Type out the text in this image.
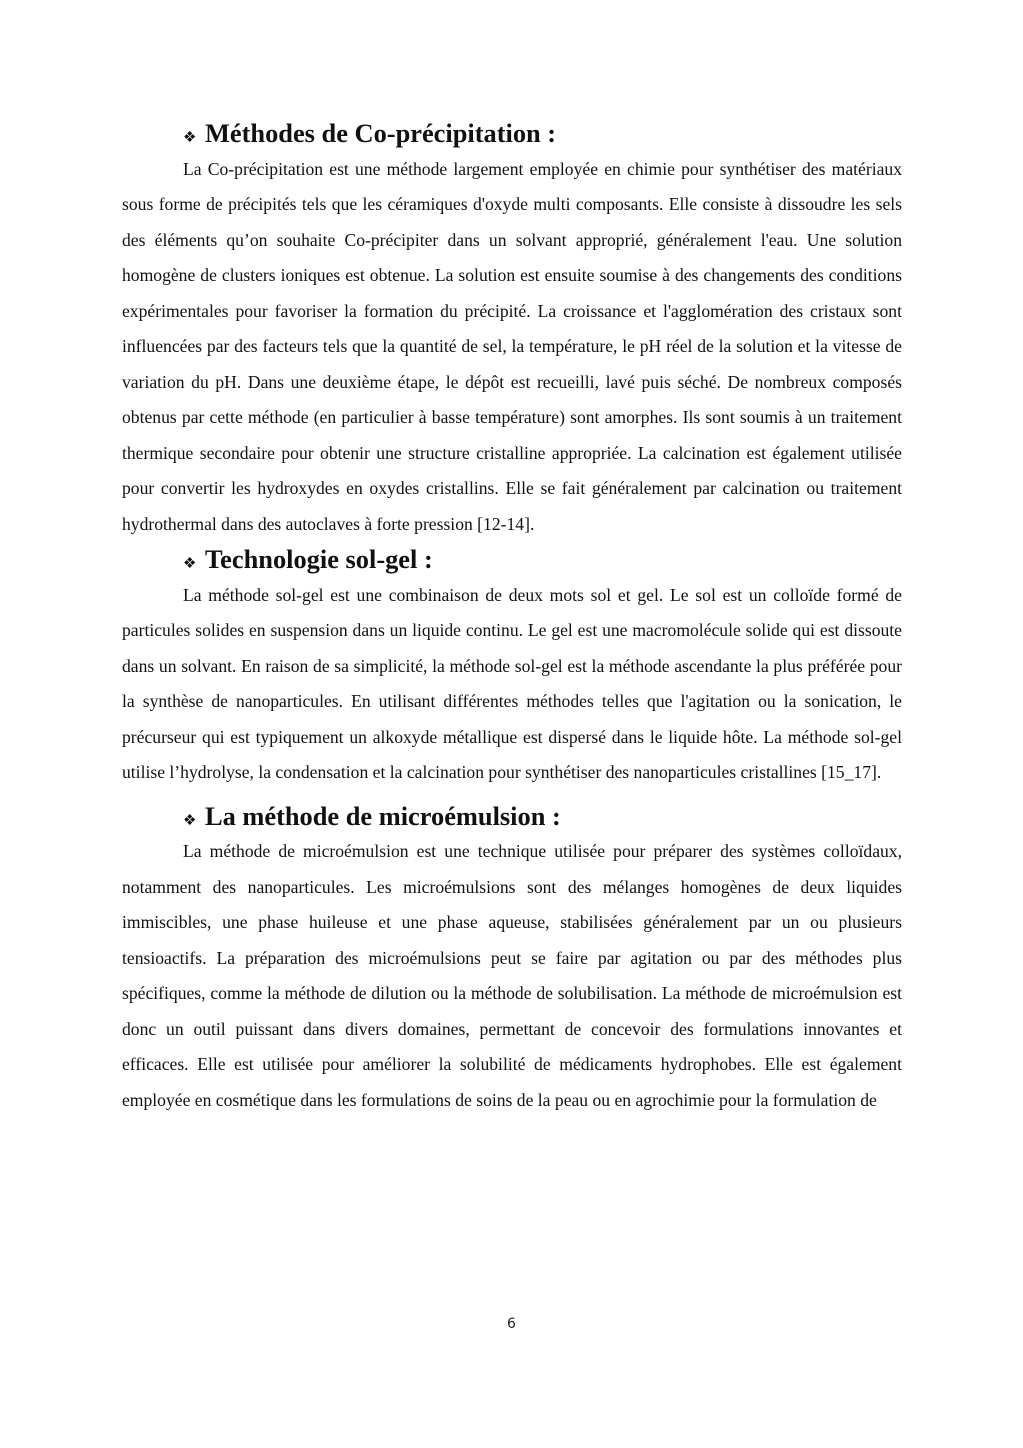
❖ Méthodes de Co-précipitation :

La Co-précipitation est une méthode largement employée en chimie pour synthétiser des matériaux sous forme de précipités tels que les céramiques d'oxyde multi composants. Elle consiste à dissoudre les sels des éléments qu’on souhaite Co-précipiter dans un solvant approprié, généralement l'eau. Une solution homogène de clusters ioniques est obtenue. La solution est ensuite soumise à des changements des conditions expérimentales pour favoriser la formation du précipité. La croissance et l'agglomération des cristaux sont influencées par des facteurs tels que la quantité de sel, la température, le pH réel de la solution et la vitesse de variation du pH. Dans une deuxième étape, le dépôt est recueilli, lavé puis séché. De nombreux composés obtenus par cette méthode (en particulier à basse température) sont amorphes. Ils sont soumis à un traitement thermique secondaire pour obtenir une structure cristalline appropriée. La calcination est également utilisée pour convertir les hydroxydes en oxydes cristallins. Elle se fait généralement par calcination ou traitement hydrothermal dans des autoclaves à forte pression [12-14].

❖ Technologie sol-gel :

La méthode sol-gel est une combinaison de deux mots sol et gel. Le sol est un colloïde formé de particules solides en suspension dans un liquide continu. Le gel est une macromolécule solide qui est dissoute dans un solvant. En raison de sa simplicité, la méthode sol-gel est la méthode ascendante la plus préférée pour la synthèse de nanoparticules. En utilisant différentes méthodes telles que l'agitation ou la sonication, le précurseur qui est typiquement un alkoxyde métallique est dispersé dans le liquide hôte. La méthode sol-gel utilise l’hydrolyse, la condensation et la calcination pour synthétiser des nanoparticules cristallines [15_17].

❖ La méthode de microémulsion :

La méthode de microémulsion est une technique utilisée pour préparer des systèmes colloïdaux, notamment des nanoparticules. Les microémulsions sont des mélanges homogènes de deux liquides immiscibles, une phase huileuse et une phase aqueuse, stabilisées généralement par un ou plusieurs tensioactifs. La préparation des microémulsions peut se faire par agitation ou par des méthodes plus spécifiques, comme la méthode de dilution ou la méthode de solubilisation. La méthode de microémulsion est donc un outil puissant dans divers domaines, permettant de concevoir des formulations innovantes et efficaces. Elle est utilisée pour améliorer la solubilité de médicaments hydrophobes. Elle est également employée en cosmétique dans les formulations de soins de la peau ou en agrochimie pour la formulation de

6
